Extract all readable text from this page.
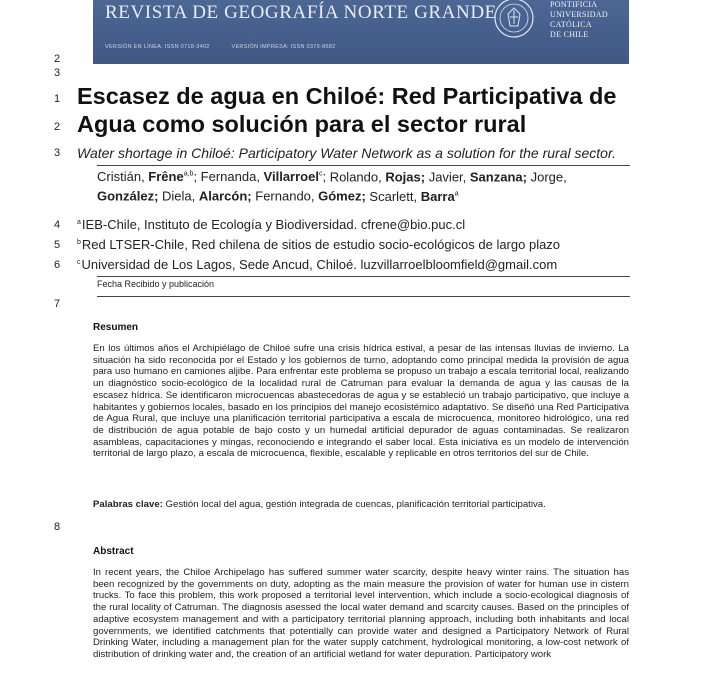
REVISTA DE GEOGRAFÍA NORTE GRANDE
VERSIÓN EN LÍNEA: ISSN 0718-3402	VERSIÓN IMPRESA: ISSN 0379-8682
PONTIFICIA
UNIVERSIDAD
CATÓLICA
DE CHILE
2
3
1
2
3
4
5
6
7
8
Escasez de agua en Chiloé: Red Participativa de
Agua como solución para el sector rural
Water shortage in Chiloé: Participatory Water Network as a solution for the rural sector.
Cristián, Frêne$^{a,b}$; Fernanda, Villarroel$^c$; Rolando, Rojas; Javier, Sanzana; Jorge, González; Diela, Alarcón; Fernando, Gómez; Scarlett, Barra$^a$
$^a$IEB-Chile, Instituto de Ecología y Biodiversidad. cfrene@bio.puc.cl
$^b$Red LTSER-Chile, Red chilena de sitios de estudio socio-ecológicos de largo plazo
$^c$Universidad de Los Lagos, Sede Ancud, Chiloé. luzvillarroelbloomfield@gmail.com
Fecha Recibido y publicación
Resumen
En los últimos años el Archipiélago de Chiloé sufre una crisis hídrica estival, a pesar de las intensas lluvias de invierno. La situación ha sido reconocida por el Estado y los gobiernos de turno, adoptando como principal medida la provisión de agua para uso humano en camiones aljibe. Para enfrentar este problema se propuso un trabajo a escala territorial local, realizando un diagnóstico socio-ecológico de la localidad rural de Catruman para evaluar la demanda de agua y las causas de la escasez hídrica. Se identificaron microcuencas abastecedoras de agua y se estableció un trabajo participativo, que incluye a habitantes y gobiernos locales, basado en los principios del manejo ecosistémico adaptativo. Se diseñó una Red Participativa de Agua Rural, que incluye una planificación territorial participativa a escala de microcuenca, monitoreo hidrológico, una red de distribución de agua potable de bajo costo y un humedal artificial depurador de aguas contaminadas. Se realizaron asambleas, capacitaciones y mingas, reconociendo e integrando el saber local. Esta iniciativa es un modelo de intervención territorial de largo plazo, a escala de microcuenca, flexible, escalable y replicable en otros territorios del sur de Chile.
Palabras clave: Gestión local del agua, gestión integrada de cuencas, planificación territorial participativa.
Abstract
In recent years, the Chiloe Archipelago has suffered summer water scarcity, despite heavy winter rains. The situation has been recognized by the governments on duty, adopting as the main measure the provision of water for human use in cistern trucks. To face this problem, this work proposed a territorial level intervention, which include a socio-ecological diagnosis of the rural locality of Catruman. The diagnosis asessed the local water demand and scarcity causes. Based on the principles of adaptive ecosystem management and with a participatory territorial planning approach, including both inhabitants and local governments, we identified catchments that potentially can provide water and designed a Participatory Network of Rural Drinking Water, including a management plan for the water supply catchment, hydrological monitoring, a low-cost network of distribution of drinking water and, the creation of an artificial wetland for water depuration. Participatory work
